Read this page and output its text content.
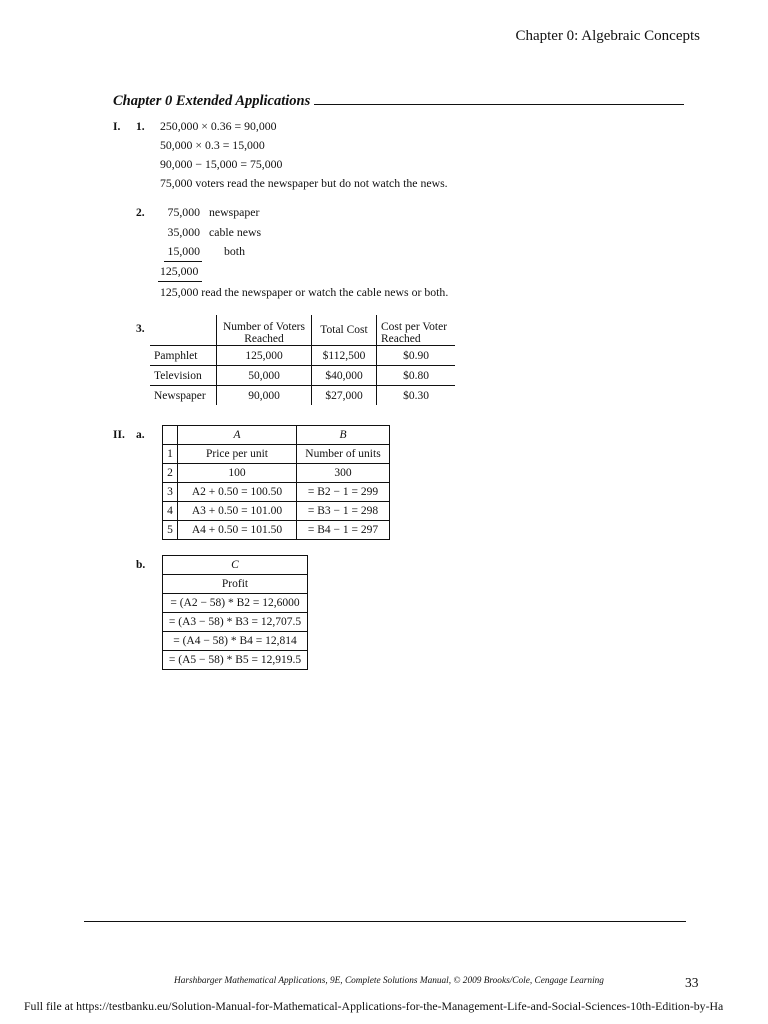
Chapter 0: Algebraic Concepts
Chapter 0 Extended Applications
I. 1. 250,000 × 0.36 = 90,000
50,000 × 0.3 = 15,000
90,000 − 15,000 = 75,000
75,000 voters read the newspaper but do not watch the news.
2.	75,000 newspaper
35,000 cable news
15,000 both
125,000
125,000 read the newspaper or watch the cable news or both.
3.
		Number of Voters Reached	Total Cost	Cost per Voter Reached
Pamphlet	125,000	$112,500	$0.90
Television	50,000	$40,000	$0.80
Newspaper	90,000	$27,000	$0.30
II. a.
		A	B
1	Price per unit	Number of units
2	100	300
3	A2 + 0.50 = 100.50	= B2 − 1 = 299
4	A3 + 0.50 = 101.00	= B3 − 1 = 298
5	A4 + 0.50 = 101.50	= B4 − 1 = 297
b.	C
Profit
= (A2 − 58) * B2 = 12,6000
= (A3 − 58) * B3 = 12,707.5
= (A4 − 58) * B4 = 12,814
= (A5 − 58) * B5 = 12,919.5
Harshbarger Mathematical Applications, 9E, Complete Solutions Manual, © 2009 Brooks/Cole, Cengage Learning	33
Full file at https://testbanku.eu/Solution-Manual-for-Mathematical-Applications-for-the-Management-Life-and-Social-Sciences-10th-Edition-by-Ha
